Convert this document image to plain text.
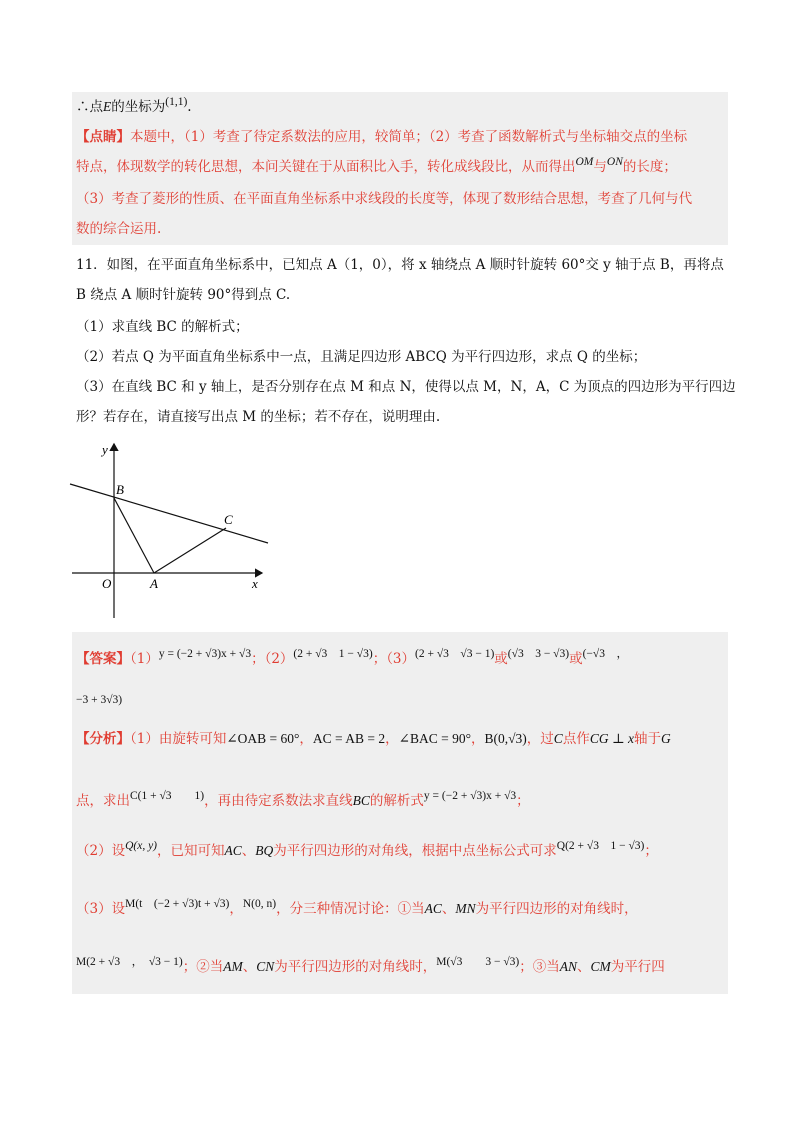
∴点E的坐标为(1,1).
【点睛】本题中，（1）考查了待定系数法的应用，较简单；（2）考查了函数解析式与坐标轴交点的坐标
特点，体现数学的转化思想，本问关键在于从面积比入手，转化成线段比，从而得出OM与ON的长度；
（3）考查了菱形的性质、在平面直角坐标系中求线段的长度等，体现了数形结合思想，考查了几何与代
数的综合运用.
11．如图，在平面直角坐标系中，已知点 A（1，0），将 x 轴绕点 A 顺时针旋转 60°交 y 轴于点 B，再将点
B 绕点 A 顺时针旋转 90°得到点 C.
（1）求直线 BC 的解析式；
（2）若点 Q 为平面直角坐标系中一点，且满足四边形 ABCQ 为平行四边形，求点 Q 的坐标；
（3）在直线 BC 和 y 轴上，是否分别存在点 M 和点 N，使得以点 M，N，A，C 为顶点的四边形为平行四边
形？若存在，请直接写出点 M 的坐标；若不存在，说明理由.
y
x
B
C
O	A
【答案】（1）y = (−2 + √3)x + √3；（2）(2 + √3　1 − √3)；（3）(2 + √3　√3 − 1)或(√3　3 − √3)或(−√3　，
−3 + 3√3)
【分析】（1）由旋转可知∠OAB = 60°，AC = AB = 2，∠BAC = 90°，B(0,√3)，过C点作CG ⊥ x轴于G
点，求出C(1 + √3　　1)，再由待定系数法求直线BC的解析式y = (−2 + √3)x + √3；
（2）设Q(x, y)，已知可知AC、BQ为平行四边形的对角线，根据中点坐标公式可求Q(2 + √3　1 − √3)；
（3）设M(t　(−2 + √3)t + √3)，N(0, n)，分三种情况讨论：①当AC、MN为平行四边形的对角线时，
M(2 + √3　，　√3 − 1)；②当AM、CN为平行四边形的对角线时，M(√3　　3 − √3)；③当AN、CM为平行四
